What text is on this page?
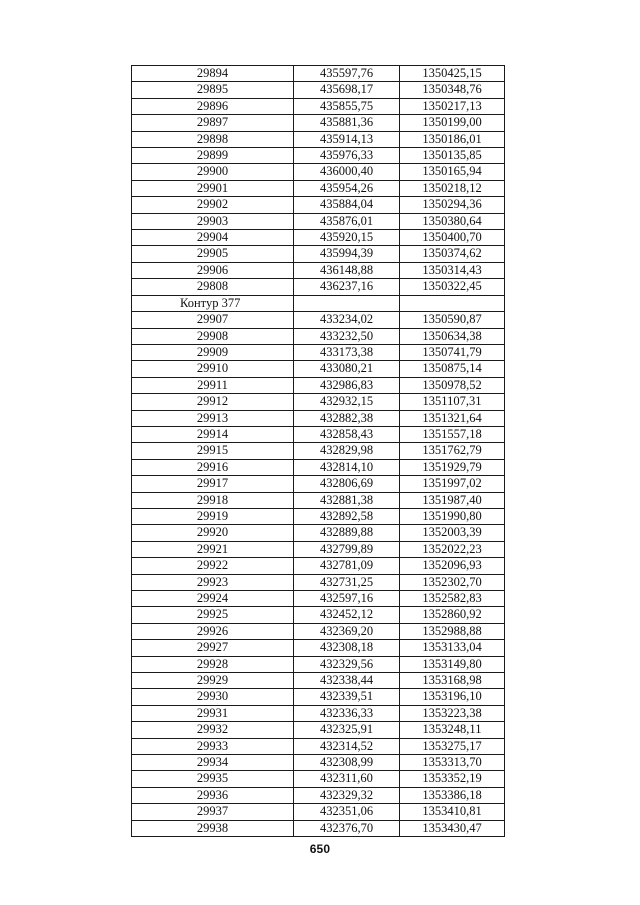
29894	435597,76	1350425,15
29895	435698,17	1350348,76
29896	435855,75	1350217,13
29897	435881,36	1350199,00
29898	435914,13	1350186,01
29899	435976,33	1350135,85
29900	436000,40	1350165,94
29901	435954,26	1350218,12
29902	435884,04	1350294,36
29903	435876,01	1350380,64
29904	435920,15	1350400,70
29905	435994,39	1350374,62
29906	436148,88	1350314,43
29808	436237,16	1350322,45
Контур 377		
29907	433234,02	1350590,87
29908	433232,50	1350634,38
29909	433173,38	1350741,79
29910	433080,21	1350875,14
29911	432986,83	1350978,52
29912	432932,15	1351107,31
29913	432882,38	1351321,64
29914	432858,43	1351557,18
29915	432829,98	1351762,79
29916	432814,10	1351929,79
29917	432806,69	1351997,02
29918	432881,38	1351987,40
29919	432892,58	1351990,80
29920	432889,88	1352003,39
29921	432799,89	1352022,23
29922	432781,09	1352096,93
29923	432731,25	1352302,70
29924	432597,16	1352582,83
29925	432452,12	1352860,92
29926	432369,20	1352988,88
29927	432308,18	1353133,04
29928	432329,56	1353149,80
29929	432338,44	1353168,98
29930	432339,51	1353196,10
29931	432336,33	1353223,38
29932	432325,91	1353248,11
29933	432314,52	1353275,17
29934	432308,99	1353313,70
29935	432311,60	1353352,19
29936	432329,32	1353386,18
29937	432351,06	1353410,81
29938	432376,70	1353430,47
650
